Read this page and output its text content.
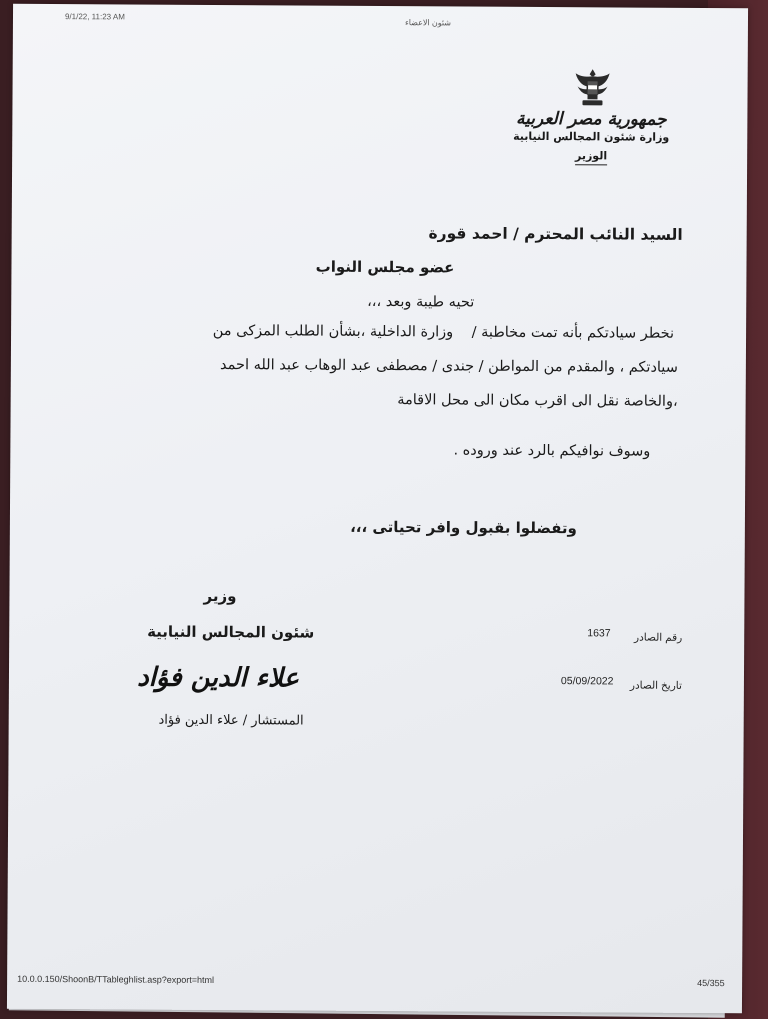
9/1/22, 11:23 AM
شئون الاعضاء
جمهورية مصر العربية
وزارة شئون المجالس النيابية
الوزير
السيد النائب المحترم / احمد قورة
عضو مجلس النواب
تحيه طيبة وبعد ،،،
نخطر سيادتكم بأنه تمت مخاطبة /    وزارة الداخلية ،بشأن الطلب المزكى من
سيادتكم ، والمقدم من المواطن / جندى / مصطفى عبد الوهاب عبد الله احمد
،والخاصة نقل الى اقرب مكان الى محل الاقامة
وسوف نوافيكم بالرد عند وروده .
وتفضلوا بقبول وافر تحياتى ،،،
وزير
شئون المجالس النيابية
علاء الدين فؤاد
المستشار / علاء الدين فؤاد
رقم الصادر
1637
تاريخ الصادر
05/09/2022
10.0.0.150/ShoonB/TTableghlist.asp?export=html	45/355
